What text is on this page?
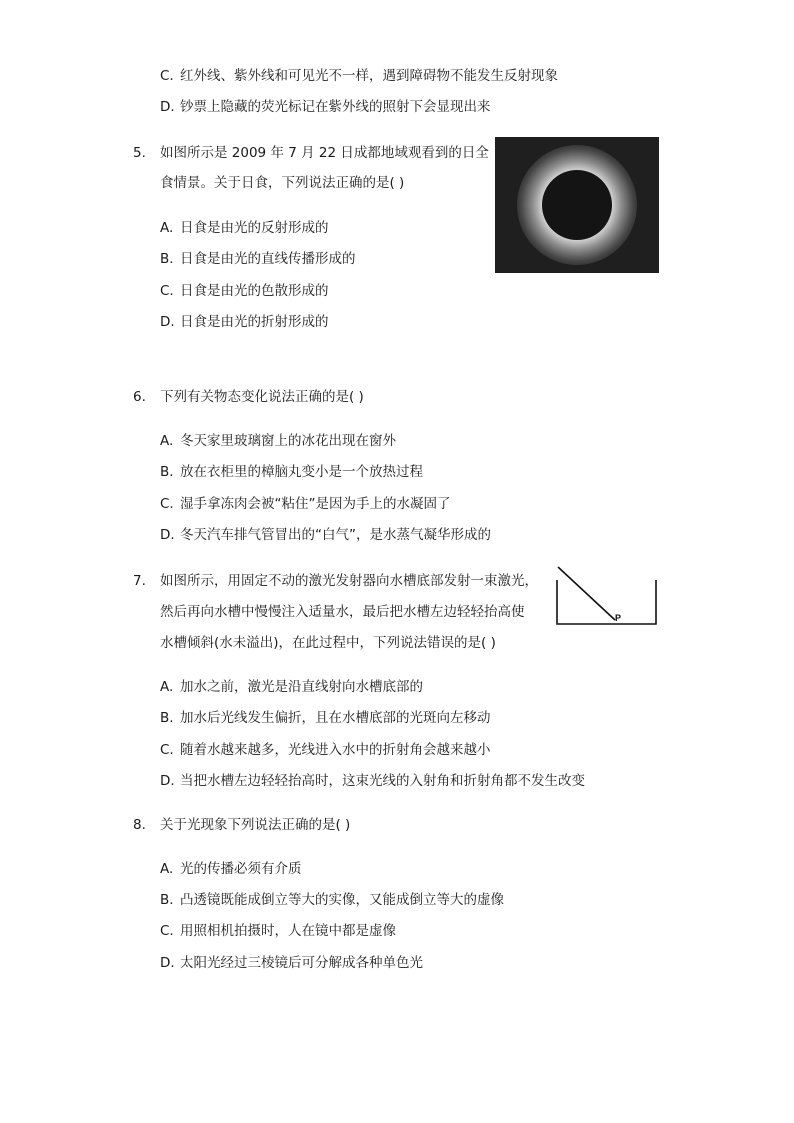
C. 红外线、紫外线和可见光不一样，遇到障碍物不能发生反射现象
D. 钞票上隐藏的荧光标记在紫外线的照射下会显现出来
5. 如图所示是 2009 年 7 月 22 日成都地域观看到的日全
食情景。关于日食，下列说法正确的是( )
A. 日食是由光的反射形成的
B. 日食是由光的直线传播形成的
C. 日食是由光的色散形成的
D. 日食是由光的折射形成的
6. 下列有关物态变化说法正确的是( )
A. 冬天家里玻璃窗上的冰花出现在窗外
B. 放在衣柜里的樟脑丸变小是一个放热过程
C. 湿手拿冻肉会被“粘住”是因为手上的水凝固了
D. 冬天汽车排气管冒出的“白气”，是水蒸气凝华形成的
7. 如图所示，用固定不动的激光发射器向水槽底部发射一束激光，
然后再向水槽中慢慢注入适量水，最后把水槽左边轻轻抬高使
水槽倾斜(水未溢出)，在此过程中，下列说法错误的是( )
P
A. 加水之前，激光是沿直线射向水槽底部的
B. 加水后光线发生偏折，且在水槽底部的光斑向左移动
C. 随着水越来越多，光线进入水中的折射角会越来越小
D. 当把水槽左边轻轻抬高时，这束光线的入射角和折射角都不发生改变
8. 关于光现象下列说法正确的是( )
A. 光的传播必须有介质
B. 凸透镜既能成倒立等大的实像，又能成倒立等大的虚像
C. 用照相机拍摄时，人在镜中都是虚像
D. 太阳光经过三棱镜后可分解成各种单色光
